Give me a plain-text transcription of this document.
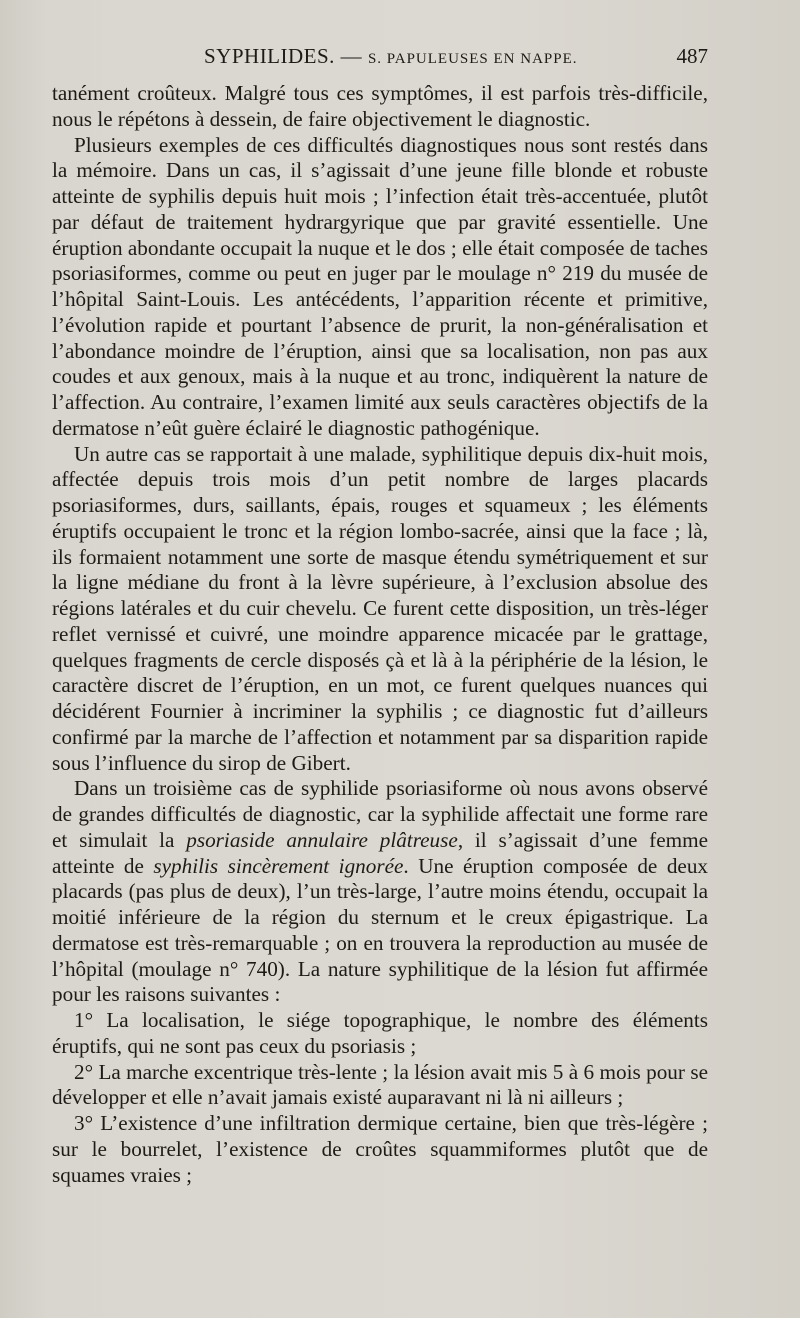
SYPHILIDES. — S. PAPULEUSES EN NAPPE.	487

tanément croûteux. Malgré tous ces symptômes, il est parfois très-difficile, nous le répétons à dessein, de faire objectivement le diagnostic.

Plusieurs exemples de ces difficultés diagnostiques nous sont restés dans la mémoire. Dans un cas, il s’agissait d’une jeune fille blonde et robuste atteinte de syphilis depuis huit mois ; l’infection était très-accentuée, plutôt par défaut de traitement hydrargyrique que par gravité essentielle. Une éruption abondante occupait la nuque et le dos ; elle était composée de taches psoriasiformes, comme ou peut en juger par le moulage n° 219 du musée de l’hôpital Saint-Louis. Les antécédents, l’apparition récente et primitive, l’évolution rapide et pourtant l’absence de prurit, la non-généralisation et l’abondance moindre de l’éruption, ainsi que sa localisation, non pas aux coudes et aux genoux, mais à la nuque et au tronc, indiquèrent la nature de l’affection. Au contraire, l’examen limité aux seuls caractères objectifs de la dermatose n’eût guère éclairé le diagnostic pathogénique.

Un autre cas se rapportait à une malade, syphilitique depuis dix-huit mois, affectée depuis trois mois d’un petit nombre de larges placards psoriasiformes, durs, saillants, épais, rouges et squameux ; les éléments éruptifs occupaient le tronc et la région lombo-sacrée, ainsi que la face ; là, ils formaient notamment une sorte de masque étendu symétriquement et sur la ligne médiane du front à la lèvre supérieure, à l’exclusion absolue des régions latérales et du cuir chevelu. Ce furent cette disposition, un très-léger reflet vernissé et cuivré, une moindre apparence micacée par le grattage, quelques fragments de cercle disposés çà et là à la périphérie de la lésion, le caractère discret de l’éruption, en un mot, ce furent quelques nuances qui décidérent Fournier à incriminer la syphilis ; ce diagnostic fut d’ailleurs confirmé par la marche de l’affection et notamment par sa disparition rapide sous l’influence du sirop de Gibert.

Dans un troisième cas de syphilide psoriasiforme où nous avons observé de grandes difficultés de diagnostic, car la syphilide affectait une forme rare et simulait la psoriaside annulaire plâtreuse, il s’agissait d’une femme atteinte de syphilis sincèrement ignorée. Une éruption composée de deux placards (pas plus de deux), l’un très-large, l’autre moins étendu, occupait la moitié inférieure de la région du sternum et le creux épigastrique. La dermatose est très-remarquable ; on en trouvera la reproduction au musée de l’hôpital (moulage n° 740). La nature syphilitique de la lésion fut affirmée pour les raisons suivantes :

1° La localisation, le siége topographique, le nombre des éléments éruptifs, qui ne sont pas ceux du psoriasis ;

2° La marche excentrique très-lente ; la lésion avait mis 5 à 6 mois pour se développer et elle n’avait jamais existé auparavant ni là ni ailleurs ;

3° L’existence d’une infiltration dermique certaine, bien que très-légère ; sur le bourrelet, l’existence de croûtes squammiformes plutôt que de squames vraies ;
